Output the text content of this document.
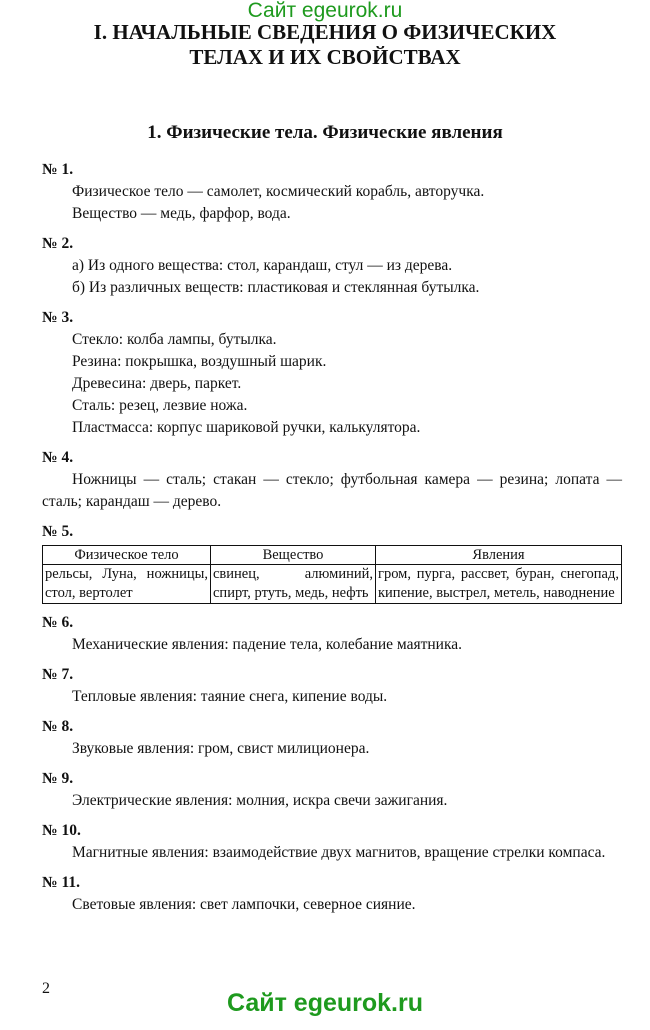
Сайт egeurok.ru
I. НАЧАЛЬНЫЕ СВЕДЕНИЯ О ФИЗИЧЕСКИХ
ТЕЛАХ И ИХ СВОЙСТВАХ
1. Физические тела. Физические явления
№ 1.
Физическое тело — самолет, космический корабль, авторучка.
Вещество — медь, фарфор, вода.
№ 2.
а) Из одного вещества: стол, карандаш, стул — из дерева.
б) Из различных веществ: пластиковая и стеклянная бутылка.
№ 3.
Стекло: колба лампы, бутылка.
Резина: покрышка, воздушный шарик.
Древесина: дверь, паркет.
Сталь: резец, лезвие ножа.
Пластмасса: корпус шариковой ручки, калькулятора.
№ 4.
Ножницы — сталь; стакан — стекло; футбольная камера — резина; лопата — сталь; карандаш — дерево.
№ 5.
Физическое тело	Вещество	Явления
рельсы, Луна, ножницы, стол, вертолет	свинец, алюминий, спирт, ртуть, медь, нефть	гром, пурга, рассвет, буран, снегопад, кипение, выстрел, метель, наводнение
№ 6.
Механические явления: падение тела, колебание маятника.
№ 7.
Тепловые явления: таяние снега, кипение воды.
№ 8.
Звуковые явления: гром, свист милиционера.
№ 9.
Электрические явления: молния, искра свечи зажигания.
№ 10.
Магнитные явления: взаимодействие двух магнитов, вращение стрелки компаса.
№ 11.
Световые явления: свет лампочки, северное сияние.
2
Сайт egeurok.ru
